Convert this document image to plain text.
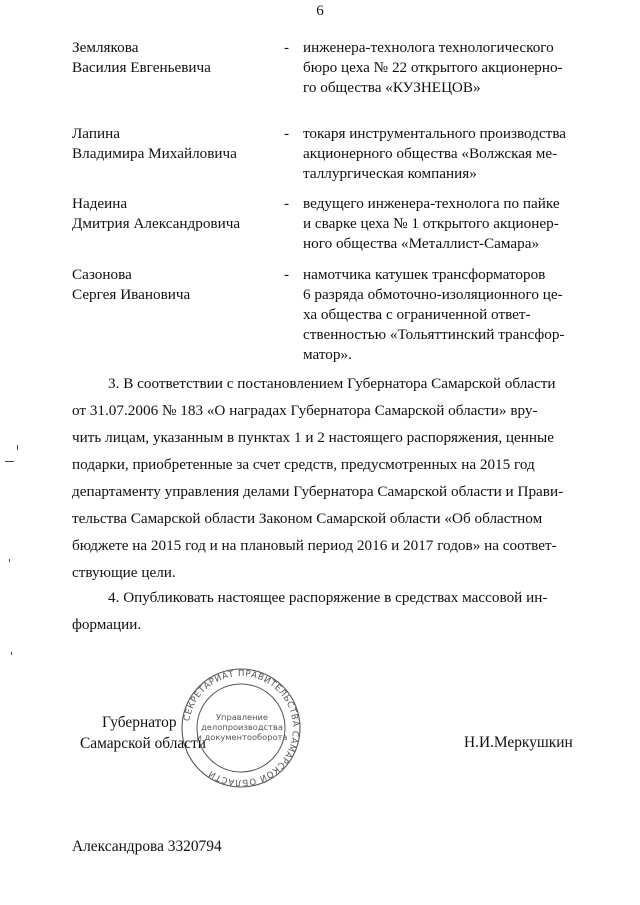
6
Землякова
Василия Евгеньевича
- инженера-технолога технологического
бюро цеха № 22 открытого акционерно-
го общества «КУЗНЕЦОВ»
Лапина
Владимира Михайловича
- токаря инструментального производства
акционерного общества «Волжская ме-
таллургическая компания»
Надеина
Дмитрия Александровича
- ведущего инженера-технолога по пайке
и сварке цеха № 1 открытого акционер-
ного общества «Металлист-Самара»
Сазонова
Сергея Ивановича
- намотчика катушек трансформаторов
6 разряда обмоточно-изоляционного це-
ха общества с ограниченной ответ-
ственностью «Тольяттинский трансфор-
матор».
3. В соответствии с постановлением Губернатора Самарской области
от 31.07.2006 № 183 «О наградах Губернатора Самарской области» вру-
чить лицам, указанным в пунктах 1 и 2 настоящего распоряжения, ценные
подарки, приобретенные за счет средств, предусмотренных на 2015 год
департаменту управления делами Губернатора Самарской области и Прави-
тельства Самарской области Законом Самарской области «Об областном
бюджете на 2015 год и на плановый период 2016 и 2017 годов» на соответ-
ствующие цели.
4. Опубликовать настоящее распоряжение в средствах массовой ин-
формации.
СЕКРЕТАРИАТ ПРАВИТЕЛЬСТВА САМАРСКОЙ ОБЛАСТИ
Управление
делопроизводства
и документооборота
Губернатор
Самарской области	Н.И.Меркушкин
Александрова 3320794
